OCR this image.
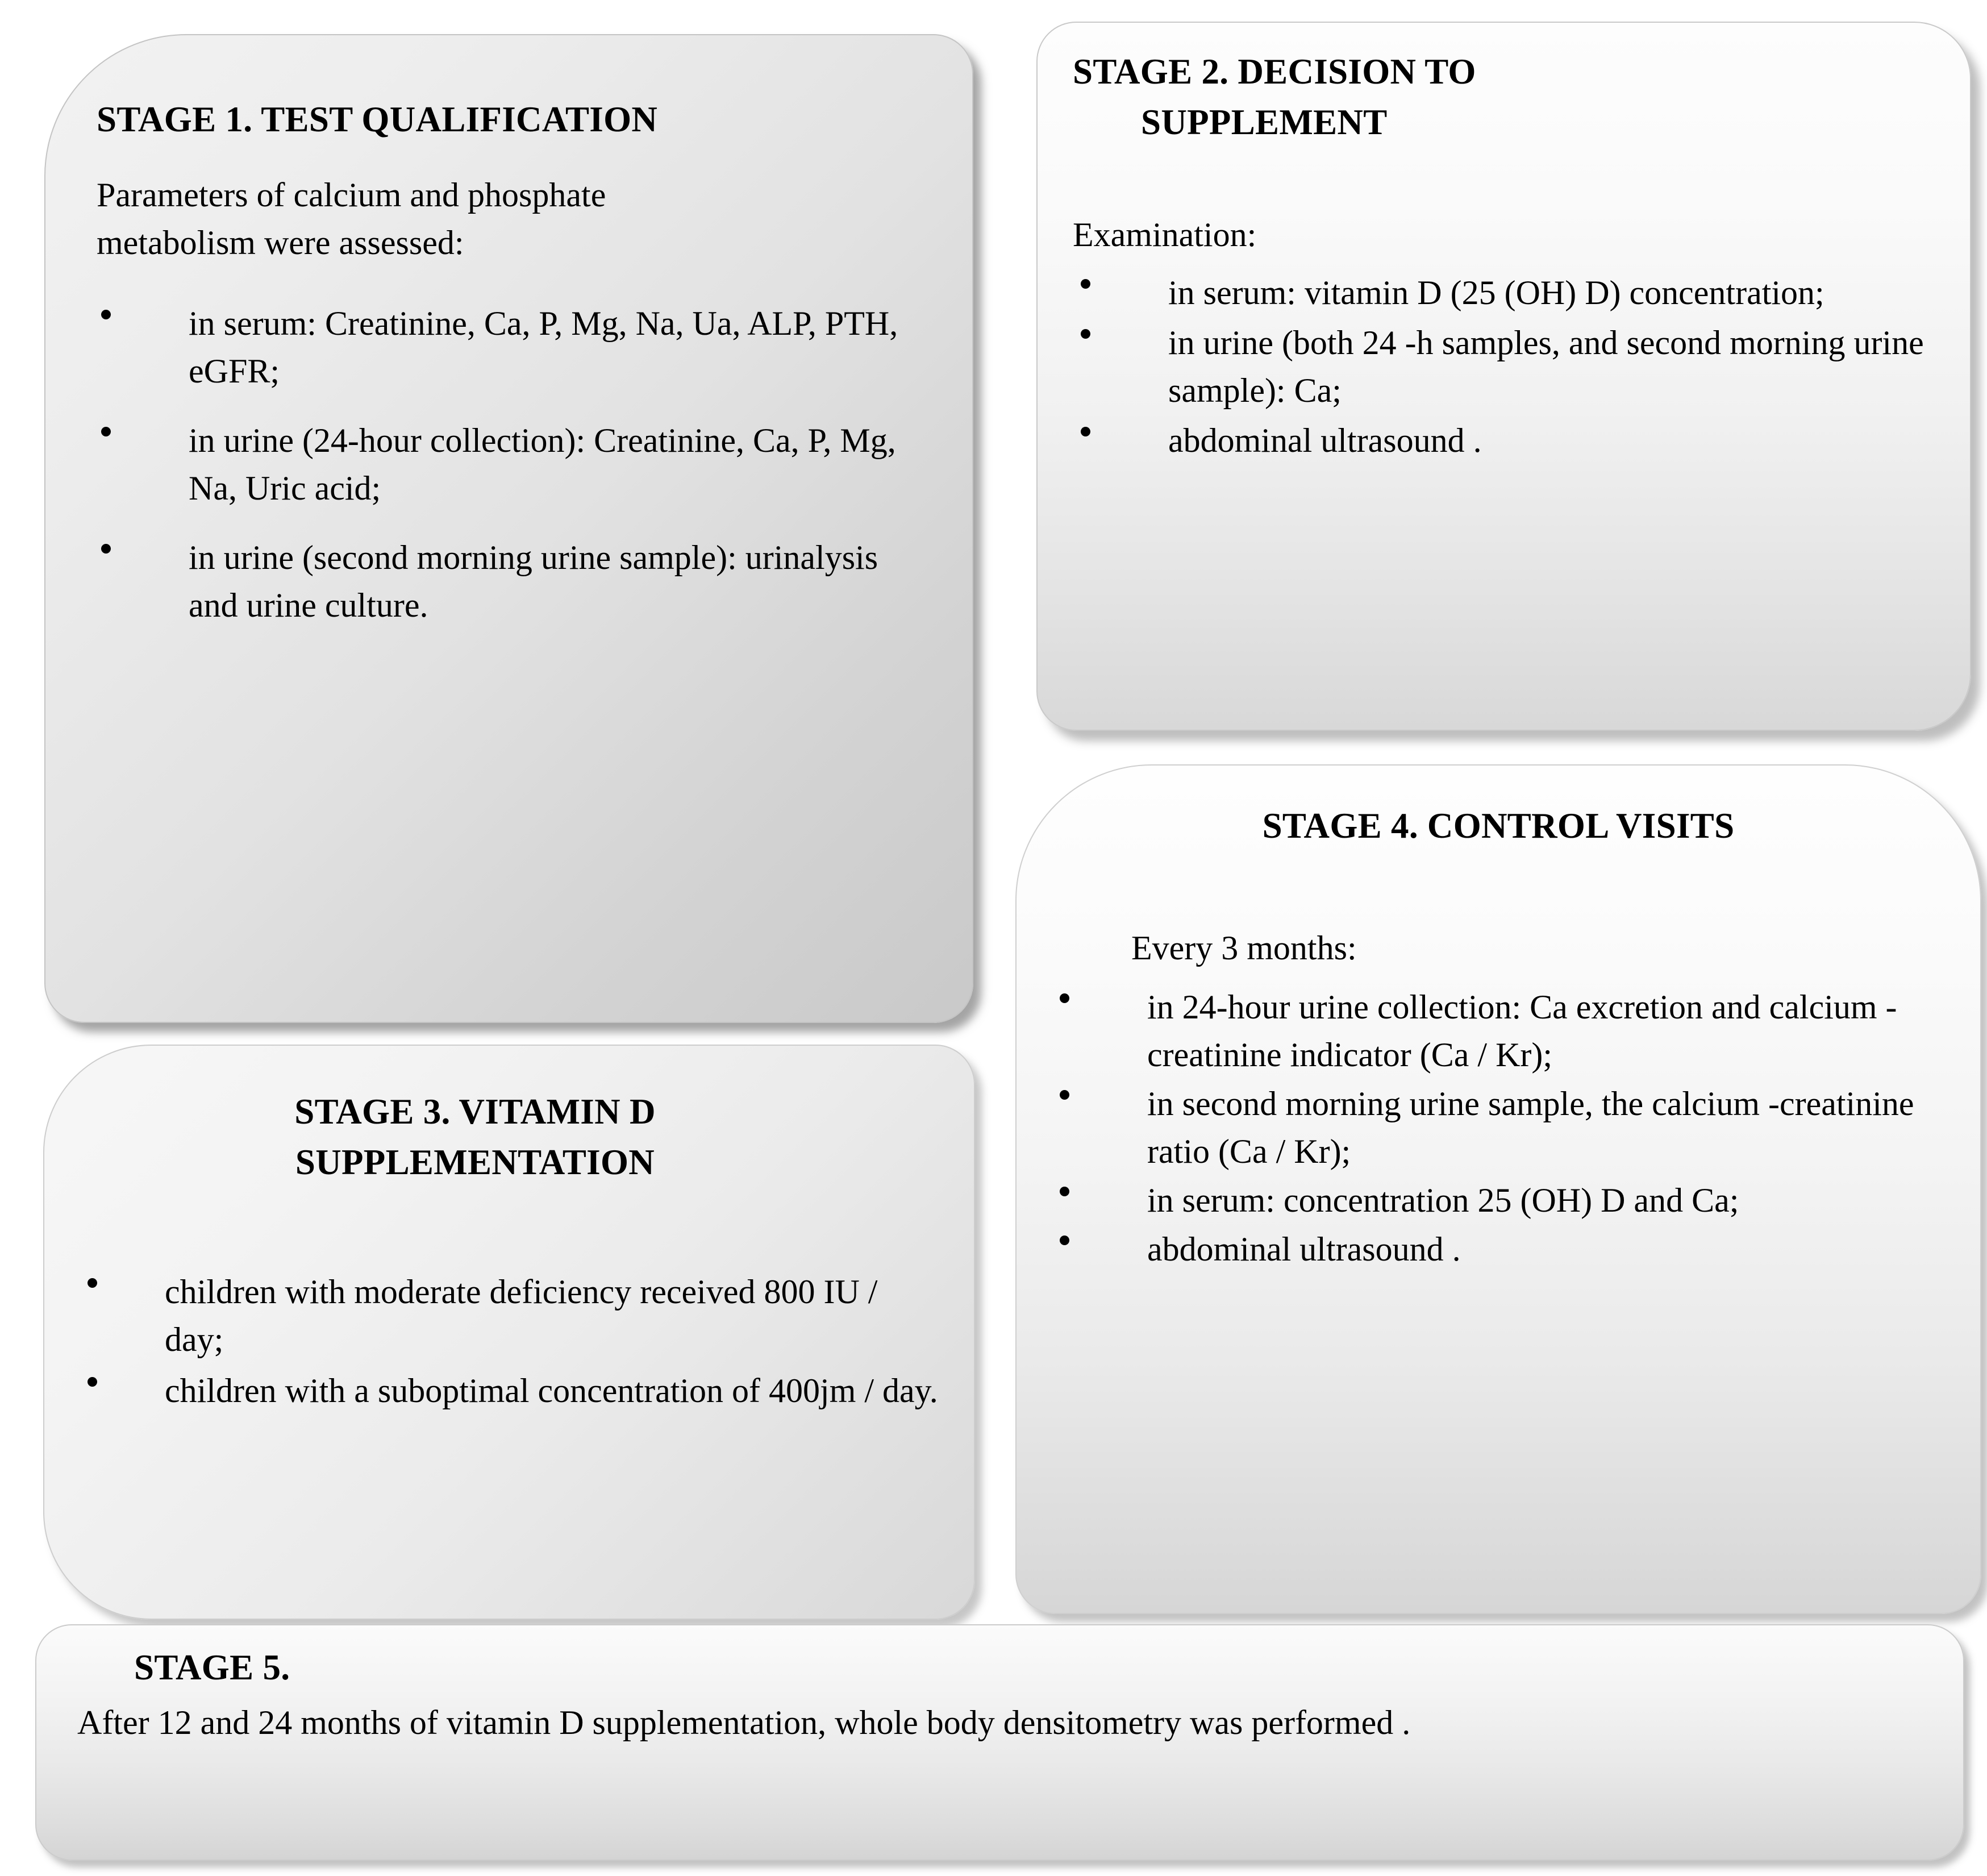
STAGE 1. TEST QUALIFICATION
Parameters of calcium and phosphate metabolism were assessed:
in serum: Creatinine, Ca, P, Mg, Na, Ua, ALP, PTH, eGFR;
in urine (24-hour collection): Creatinine, Ca, P, Mg, Na, Uric acid;
in urine (second morning urine sample): urinalysis and urine culture.
STAGE 2. DECISION TO
SUPPLEMENT
Examination:
in serum: vitamin D (25 (OH) D) concentration;
in urine (both 24 -h samples, and second morning urine sample): Ca;
abdominal ultrasound .
STAGE 4. CONTROL VISITS
Every 3 months:
in 24-hour urine collection: Ca excretion and calcium -creatinine indicator (Ca / Kr);
in second morning urine sample, the calcium -creatinine ratio (Ca / Kr);
in serum: concentration 25 (OH) D and Ca;
abdominal ultrasound .
STAGE 3. VITAMIN D
SUPPLEMENTATION
children with moderate deficiency received 800 IU / day;
children with a suboptimal concentration of 400jm / day.
STAGE 5.
After 12 and 24 months of vitamin D supplementation, whole body densitometry was performed .
